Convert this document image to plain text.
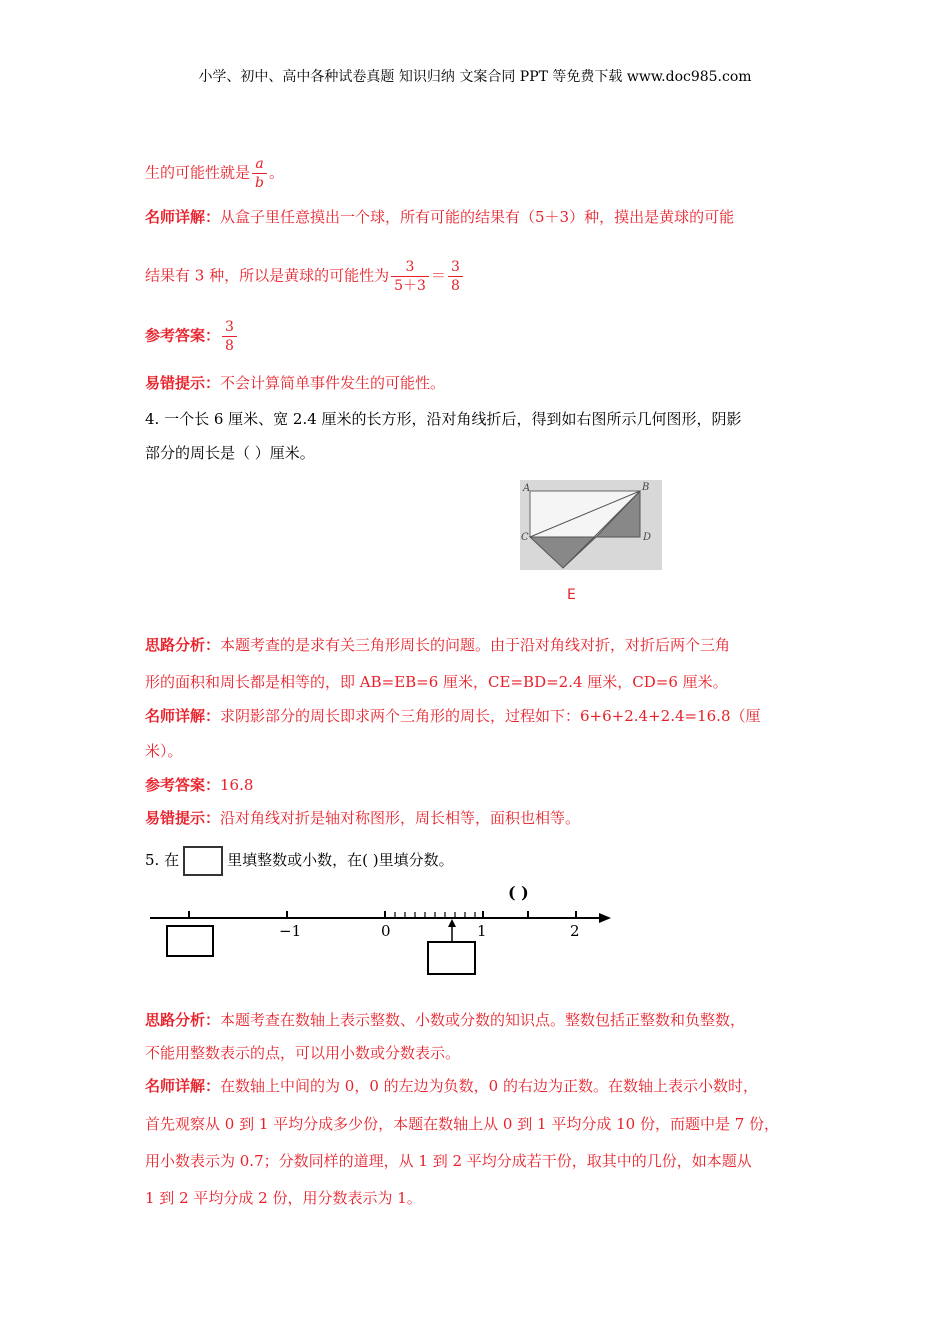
小学、初中、高中各种试卷真题 知识归纳 文案合同 PPT 等免费下载 www.doc985.com
生的可能性就是 $\frac{a}{b}$ 。
名师详解：从盒子里任意摸出一个球，所有可能的结果有（5＋3）种，摸出是黄球的可能
结果有 3 种，所以是黄球的可能性为 $\frac{3}{5+3} = \frac{3}{8}$
参考答案： $\frac{3}{8}$
易错提示：不会计算简单事件发生的可能性。
4. 一个长 6 厘米、宽 2.4 厘米的长方形，沿对角线折后，得到如右图所示几何图形，阴影
部分的周长是（ ）厘米。
A	B
C	D
E
思路分析：本题考查的是求有关三角形周长的问题。由于沿对角线对折，对折后两个三角
形的面积和周长都是相等的，即 AB=EB=6 厘米，CE=BD=2.4 厘米，CD=6 厘米。
名师详解：求阴影部分的周长即求两个三角形的周长，过程如下：6+6+2.4+2.4=16.8（厘
米）。
参考答案：16.8
易错提示：沿对角线对折是轴对称图形，周长相等，面积也相等。
5. 在	里填整数或小数，在( )里填分数。
−1	0	1	2
( )
思路分析：本题考查在数轴上表示整数、小数或分数的知识点。整数包括正整数和负整数，
不能用整数表示的点，可以用小数或分数表示。
名师详解：在数轴上中间的为 0，0 的左边为负数，0 的右边为正数。在数轴上表示小数时，
首先观察从 0 到 1 平均分成多少份，本题在数轴上从 0 到 1 平均分成 10 份，而题中是 7 份，
用小数表示为 0.7；分数同样的道理，从 1 到 2 平均分成若干份，取其中的几份，如本题从
1 到 2 平均分成 2 份，用分数表示为 1。
